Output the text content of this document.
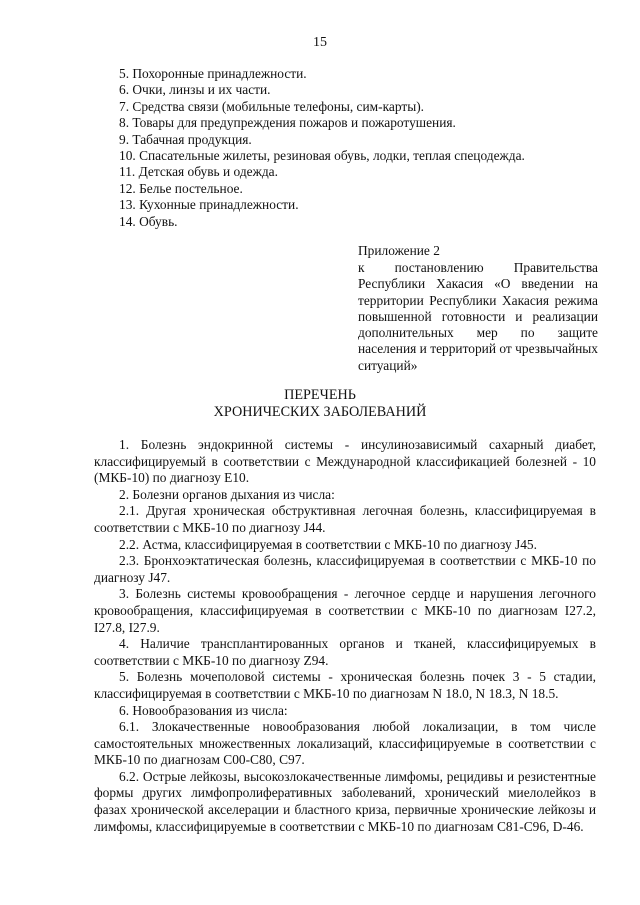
15
5. Похоронные принадлежности.
6. Очки, линзы и их части.
7. Средства связи (мобильные телефоны, сим-карты).
8. Товары для предупреждения пожаров и пожаротушения.
9. Табачная продукция.
10. Спасательные жилеты, резиновая обувь, лодки, теплая спецодежда.
11. Детская обувь и одежда.
12. Белье постельное.
13. Кухонные принадлежности.
14. Обувь.
Приложение 2
к постановлению Правительства Республики Хакасия «О введении на территории Республики Хакасия режима повышенной готовности и реализации дополнительных мер по защите населения и территорий от чрезвычайных ситуаций»
ПЕРЕЧЕНЬ
ХРОНИЧЕСКИХ ЗАБОЛЕВАНИЙ

1. Болезнь эндокринной системы - инсулинозависимый сахарный диабет, классифицируемый в соответствии с Международной классификацией болезней - 10 (МКБ-10) по диагнозу E10.

2. Болезни органов дыхания из числа:

2.1. Другая хроническая обструктивная легочная болезнь, классифицируемая в соответствии с МКБ-10 по диагнозу J44.

2.2. Астма, классифицируемая в соответствии с МКБ-10 по диагнозу J45.

2.3. Бронхоэктатическая болезнь, классифицируемая в соответствии с МКБ-10 по диагнозу J47.

3. Болезнь системы кровообращения - легочное сердце и нарушения легочного кровообращения, классифицируемая в соответствии с МКБ-10 по диагнозам I27.2, I27.8, I27.9.

4. Наличие трансплантированных органов и тканей, классифицируемых в соответствии с МКБ-10 по диагнозу Z94.

5. Болезнь мочеполовой системы - хроническая болезнь почек 3 - 5 стадии, классифицируемая в соответствии с МКБ-10 по диагнозам N 18.0, N 18.3, N 18.5.

6. Новообразования из числа:

6.1. Злокачественные новообразования любой локализации, в том числе самостоятельных множественных локализаций, классифицируемые в соответствии с МКБ-10 по диагнозам C00-C80, C97.

6.2. Острые лейкозы, высокозлокачественные лимфомы, рецидивы и резистентные формы других лимфопролиферативных заболеваний, хронический миелолейкоз в фазах хронической акселерации и бластного криза, первичные хронические лейкозы и лимфомы, классифицируемые в соответствии с МКБ-10 по диагнозам C81-C96, D-46.
